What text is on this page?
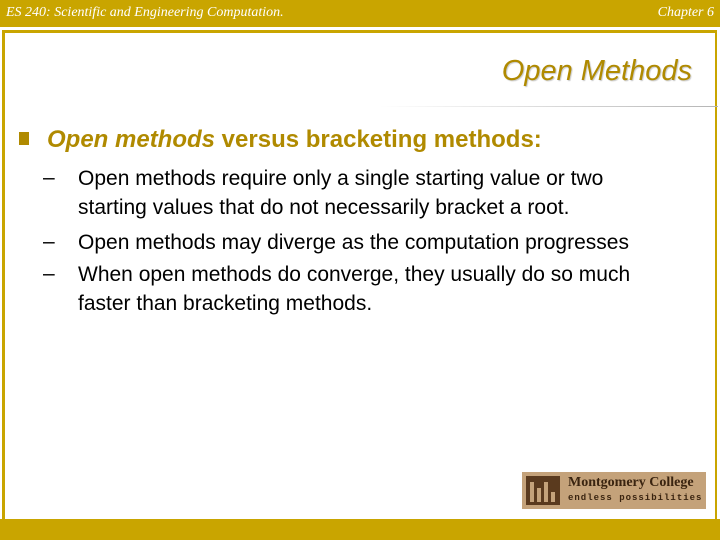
ES 240: Scientific and Engineering Computation.	Chapter 6
Open Methods
Open methods versus bracketing methods:
– Open methods require only a single starting value or two
starting values that do not necessarily bracket a root.
– Open methods may diverge as the computation progresses
– When open methods do converge, they usually do so much
faster than bracketing methods.
Montgomery College
endless possibilities
